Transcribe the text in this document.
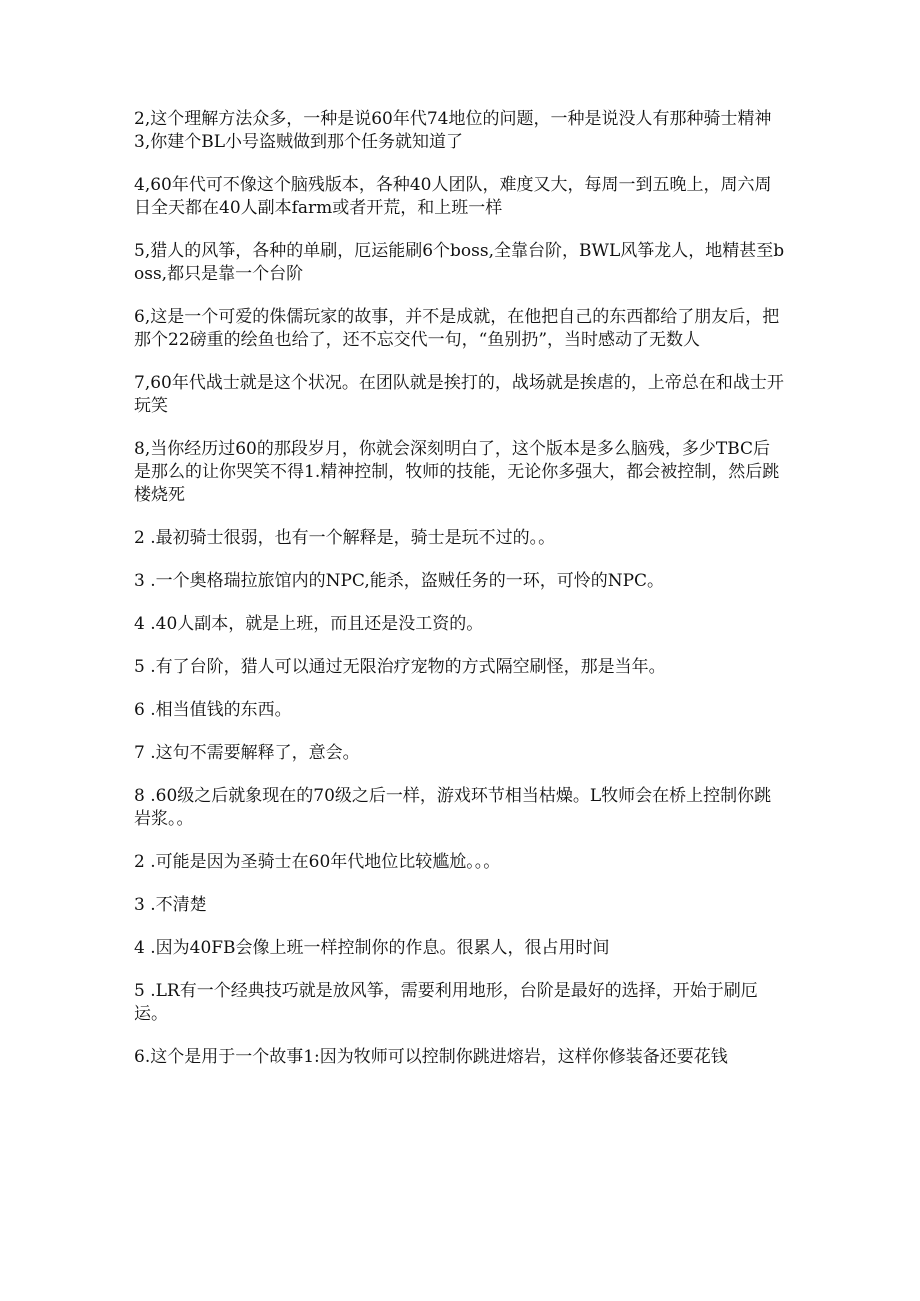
2,这个理解方法众多，一种是说60年代74地位的问题，一种是说没人有那种骑士精神3,你建个BL小号盗贼做到那个任务就知道了

4,60年代可不像这个脑残版本，各种40人团队，难度又大，每周一到五晚上，周六周日全天都在40人副本farm或者开荒，和上班一样

5,猎人的风筝，各种的单刷，厄运能刷6个boss,全靠台阶，BWL风筝龙人，地精甚至boss,都只是靠一个台阶

6,这是一个可爱的侏儒玩家的故事，并不是成就，在他把自己的东西都给了朋友后，把那个22磅重的绘鱼也给了，还不忘交代一句，“鱼别扔”，当时感动了无数人

7,60年代战士就是这个状况。在团队就是挨打的，战场就是挨虐的，上帝总在和战士开玩笑

8,当你经历过60的那段岁月，你就会深刻明白了，这个版本是多么脑残，多少TBC后是那么的让你哭笑不得1.精神控制，牧师的技能，无论你多强大，都会被控制，然后跳楼烧死

2 .最初骑士很弱，也有一个解释是，骑士是玩不过的。。

3 .一个奥格瑞拉旅馆内的NPC,能杀，盗贼任务的一环，可怜的NPC。

4 .40人副本，就是上班，而且还是没工资的。

5 .有了台阶，猎人可以通过无限治疗宠物的方式隔空刷怪，那是当年。

6 .相当值钱的东西。

7 .这句不需要解释了，意会。

8 .60级之后就象现在的70级之后一样，游戏环节相当枯燥。L牧师会在桥上控制你跳岩浆。。

2 .可能是因为圣骑士在60年代地位比较尴尬。。。

3 .不清楚

4 .因为40FB会像上班一样控制你的作息。很累人，很占用时间

5 .LR有一个经典技巧就是放风筝，需要利用地形，台阶是最好的选择，开始于刷厄运。

6.这个是用于一个故事1:因为牧师可以控制你跳进熔岩，这样你修装备还要花钱
